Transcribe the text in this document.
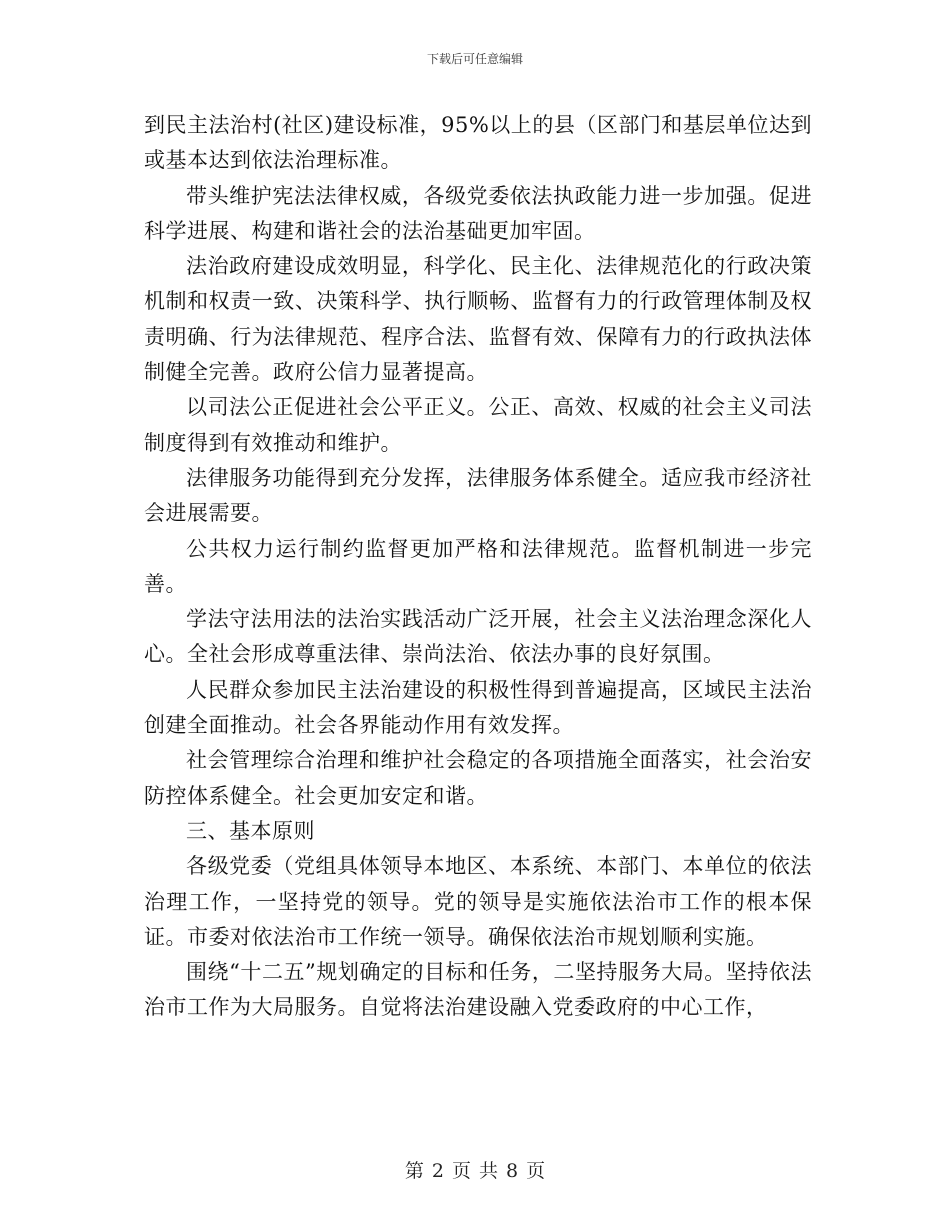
下载后可任意编辑

到民主法治村(社区)建设标准，95%以上的县（区部门和基层单位达到或基本达到依法治理标准。

带头维护宪法法律权威，各级党委依法执政能力进一步加强。促进科学进展、构建和谐社会的法治基础更加牢固。

法治政府建设成效明显，科学化、民主化、法律规范化的行政决策机制和权责一致、决策科学、执行顺畅、监督有力的行政管理体制及权责明确、行为法律规范、程序合法、监督有效、保障有力的行政执法体制健全完善。政府公信力显著提高。

以司法公正促进社会公平正义。公正、高效、权威的社会主义司法制度得到有效推动和维护。

法律服务功能得到充分发挥，法律服务体系健全。适应我市经济社会进展需要。

公共权力运行制约监督更加严格和法律规范。监督机制进一步完善。

学法守法用法的法治实践活动广泛开展，社会主义法治理念深化人心。全社会形成尊重法律、崇尚法治、依法办事的良好氛围。

人民群众参加民主法治建设的积极性得到普遍提高，区域民主法治创建全面推动。社会各界能动作用有效发挥。

社会管理综合治理和维护社会稳定的各项措施全面落实，社会治安防控体系健全。社会更加安定和谐。

三、基本原则

各级党委（党组具体领导本地区、本系统、本部门、本单位的依法治理工作，一坚持党的领导。党的领导是实施依法治市工作的根本保证。市委对依法治市工作统一领导。确保依法治市规划顺利实施。

围绕“十二五”规划确定的目标和任务，二坚持服务大局。坚持依法治市工作为大局服务。自觉将法治建设融入党委政府的中心工作，

第 2 页 共 8 页
